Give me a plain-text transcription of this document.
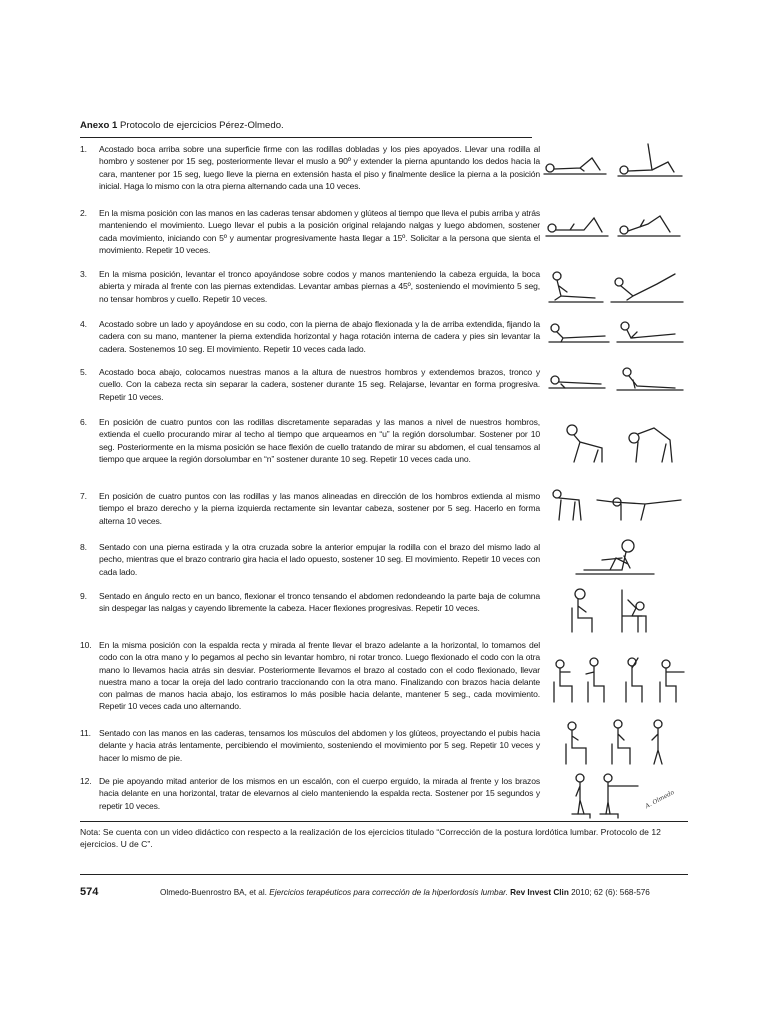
Anexo 1 Protocolo de ejercicios Pérez-Olmedo.
1.	Acostado boca arriba sobre una superficie firme con las rodillas dobladas y los pies apoyados. Llevar una rodilla al hombro y sostener por 15 seg, posteriormente llevar el muslo a 90º y extender la pierna apuntando los dedos hacia la cara, mantener por 15 seg, luego lleve la pierna en extensión hasta el piso y finalmente deslice la pierna a la posición inicial. Haga lo mismo con la otra pierna alternando cada una 10 veces.
2.	En la misma posición con las manos en las caderas tensar abdomen y glúteos al tiempo que lleva el pubis arriba y atrás manteniendo el movimiento. Luego llevar el pubis a la posición original relajando nalgas y luego abdomen, sostener cada movimiento, iniciando con 5º y aumentar progresivamente hasta llegar a 15º. Solicitar a la persona que sienta el movimiento. Repetir 10 veces.
3.	En la misma posición, levantar el tronco apoyándose sobre codos y manos manteniendo la cabeza erguida, la boca abierta y mirada al frente con las piernas extendidas. Levantar ambas piernas a 45º, sosteniendo el movimiento 5 seg, no tensar hombros y cuello. Repetir 10 veces.
4.	Acostado sobre un lado y apoyándose en su codo, con la pierna de abajo flexionada y la de arriba extendida, fijando la cadera con su mano, mantener la pierna extendida horizontal y haga rotación interna de cadera y pies sin levantar la cadera. Sostenemos 10 seg. El movimiento. Repetir 10 veces cada lado.
5.	Acostado boca abajo, colocamos nuestras manos a la altura de nuestros hombros y extendemos brazos, tronco y cuello. Con la cabeza recta sin separar la cadera, sostener durante 15 seg. Relajarse, levantar en forma progresiva. Repetir 10 veces.
6.	En posición de cuatro puntos con las rodillas discretamente separadas y las manos a nivel de nuestros hombros, extienda el cuello procurando mirar al techo al tiempo que arqueamos en “u” la región dorsolumbar. Sostener por 10 seg. Posteriormente en la misma posición se hace flexión de cuello tratando de mirar su abdomen, el cual tensamos al tiempo que arquee la región dorsolumbar en “n” sostener durante 10 seg. Repetir 10 veces cada uno.
7.	En posición de cuatro puntos con las rodillas y las manos alineadas en dirección de los hombros extienda al mismo tiempo el brazo derecho y la pierna izquierda rectamente sin levantar cabeza, sostener por 5 seg. Hacerlo en forma alterna 10 veces.
8.	Sentado con una pierna estirada y la otra cruzada sobre la anterior empujar la rodilla con el brazo del mismo lado al pecho, mientras que el brazo contrario gira hacia el lado opuesto, sostener 10 seg. El movimiento. Repetir 10 veces con cada lado.
9.	Sentado en ángulo recto en un banco, flexionar el tronco tensando el abdomen redondeando la parte baja de columna sin despegar las nalgas y cayendo libremente la cabeza. Hacer flexiones progresivas. Repetir 10 veces.
10. En la misma posición con la espalda recta y mirada al frente llevar el brazo adelante a la horizontal, lo tomamos del codo con la otra mano y lo pegamos al pecho sin levantar hombro, ni rotar tronco. Luego flexionado el codo con la otra mano lo llevamos hacia atrás sin desviar. Posteriormente llevamos el brazo al costado con el codo flexionado, llevar nuestra mano a tocar la oreja del lado contrario traccionando con la otra mano. Finalizando con brazos hacia delante con palmas de manos hacia abajo, los estiramos lo más posible hacia delante, mantener 5 seg., cada movimiento. Repetir 10 veces cada uno alternando.
11. Sentado con las manos en las caderas, tensamos los músculos del abdomen y los glúteos, proyectando el pubis hacia delante y hacia atrás lentamente, percibiendo el movimiento, sosteniendo el movimiento por 5 seg. Repetir 10 veces y hacer lo mismo de pie.
12. De pie apoyando mitad anterior de los mismos en un escalón, con el cuerpo erguido, la mirada al frente y los brazos hacia delante en una horizontal, tratar de elevarnos al cielo manteniendo la espalda recta. Sostener por 15 segundos y repetir 10 veces.	A. Olmedo
Nota: Se cuenta con un video didáctico con respecto a la realización de los ejercicios titulado “Corrección de la postura lordótica lumbar. Protocolo de 12 ejercicios. U de C”.
574	Olmedo-Buenrostro BA, et al. Ejercicios terapéuticos para corrección de la hiperlordosis lumbar. Rev Invest Clin 2010; 62 (6): 568-576
